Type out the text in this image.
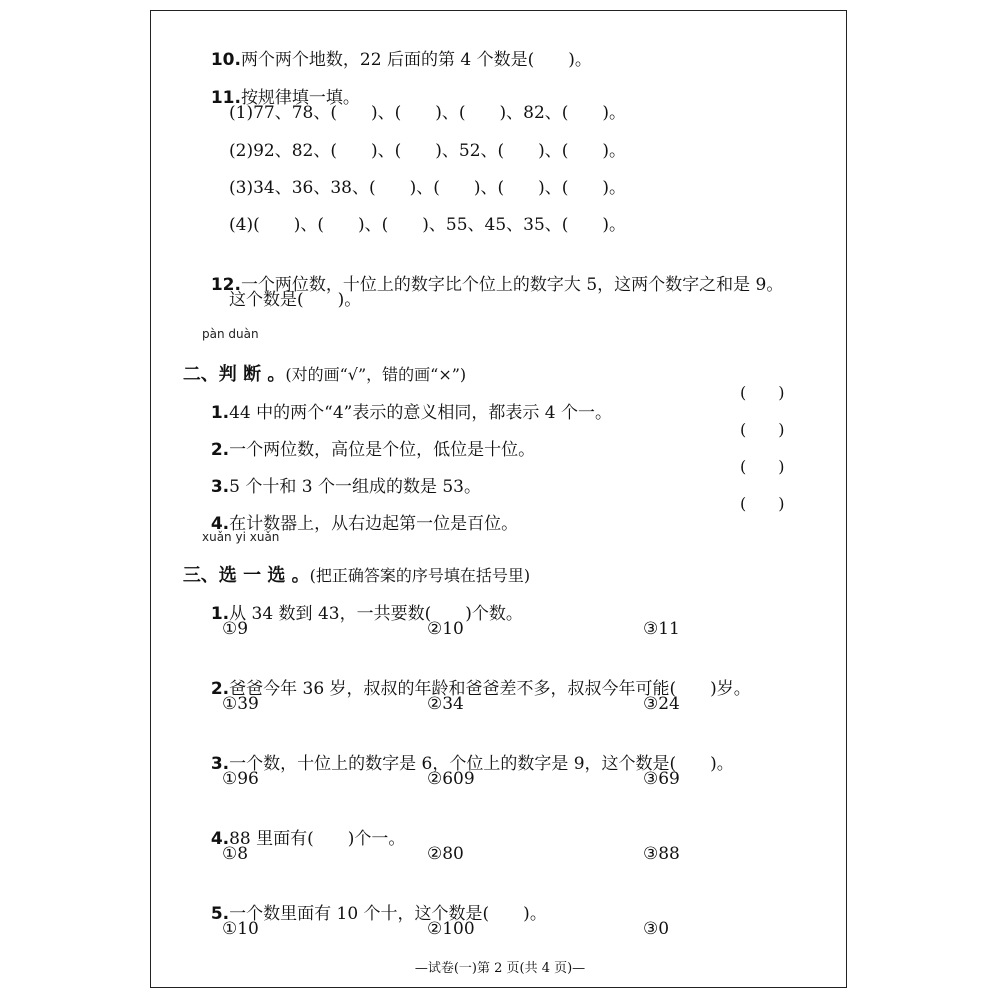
10.两个两个地数，22 后面的第 4 个数是(　　)。

11.按规律填一填。

(1)77、78、(　　)、(　　)、(　　)、82、(　　)。
(2)92、82、(　　)、(　　)、52、(　　)、(　　)。
(3)34、36、38、(　　)、(　　)、(　　)、(　　)。
(4)(　　)、(　　)、(　　)、55、45、35、(　　)。

12.一个两位数，十位上的数字比个位上的数字大 5，这两个数字之和是 9。

这个数是(　　)。
pàn duàn

二、判 断 。(对的画“√”，错的画“×”)

1.44 中的两个“4”表示的意义相同，都表示 4 个一。

(　　)

2.一个两位数，高位是个位，低位是十位。

(　　)

3.5 个十和 3 个一组成的数是 53。

(　　)

4.在计数器上，从右边起第一位是百位。

(　　)
xuǎn yi xuǎn

三、选 一 选 。(把正确答案的序号填在括号里)

1.从 34 数到 43，一共要数(　　)个数。

①9	②10	③11

2.爸爸今年 36 岁，叔叔的年龄和爸爸差不多，叔叔今年可能(　　)岁。

①39	②34	③24

3.一个数，十位上的数字是 6，个位上的数字是 9，这个数是(　　)。

①96	②609	③69

4.88 里面有(　　)个一。

①8	②80	③88

5.一个数里面有 10 个十，这个数是(　　)。

①10	②100	③0
—试卷(一)第 2 页(共 4 页)—
